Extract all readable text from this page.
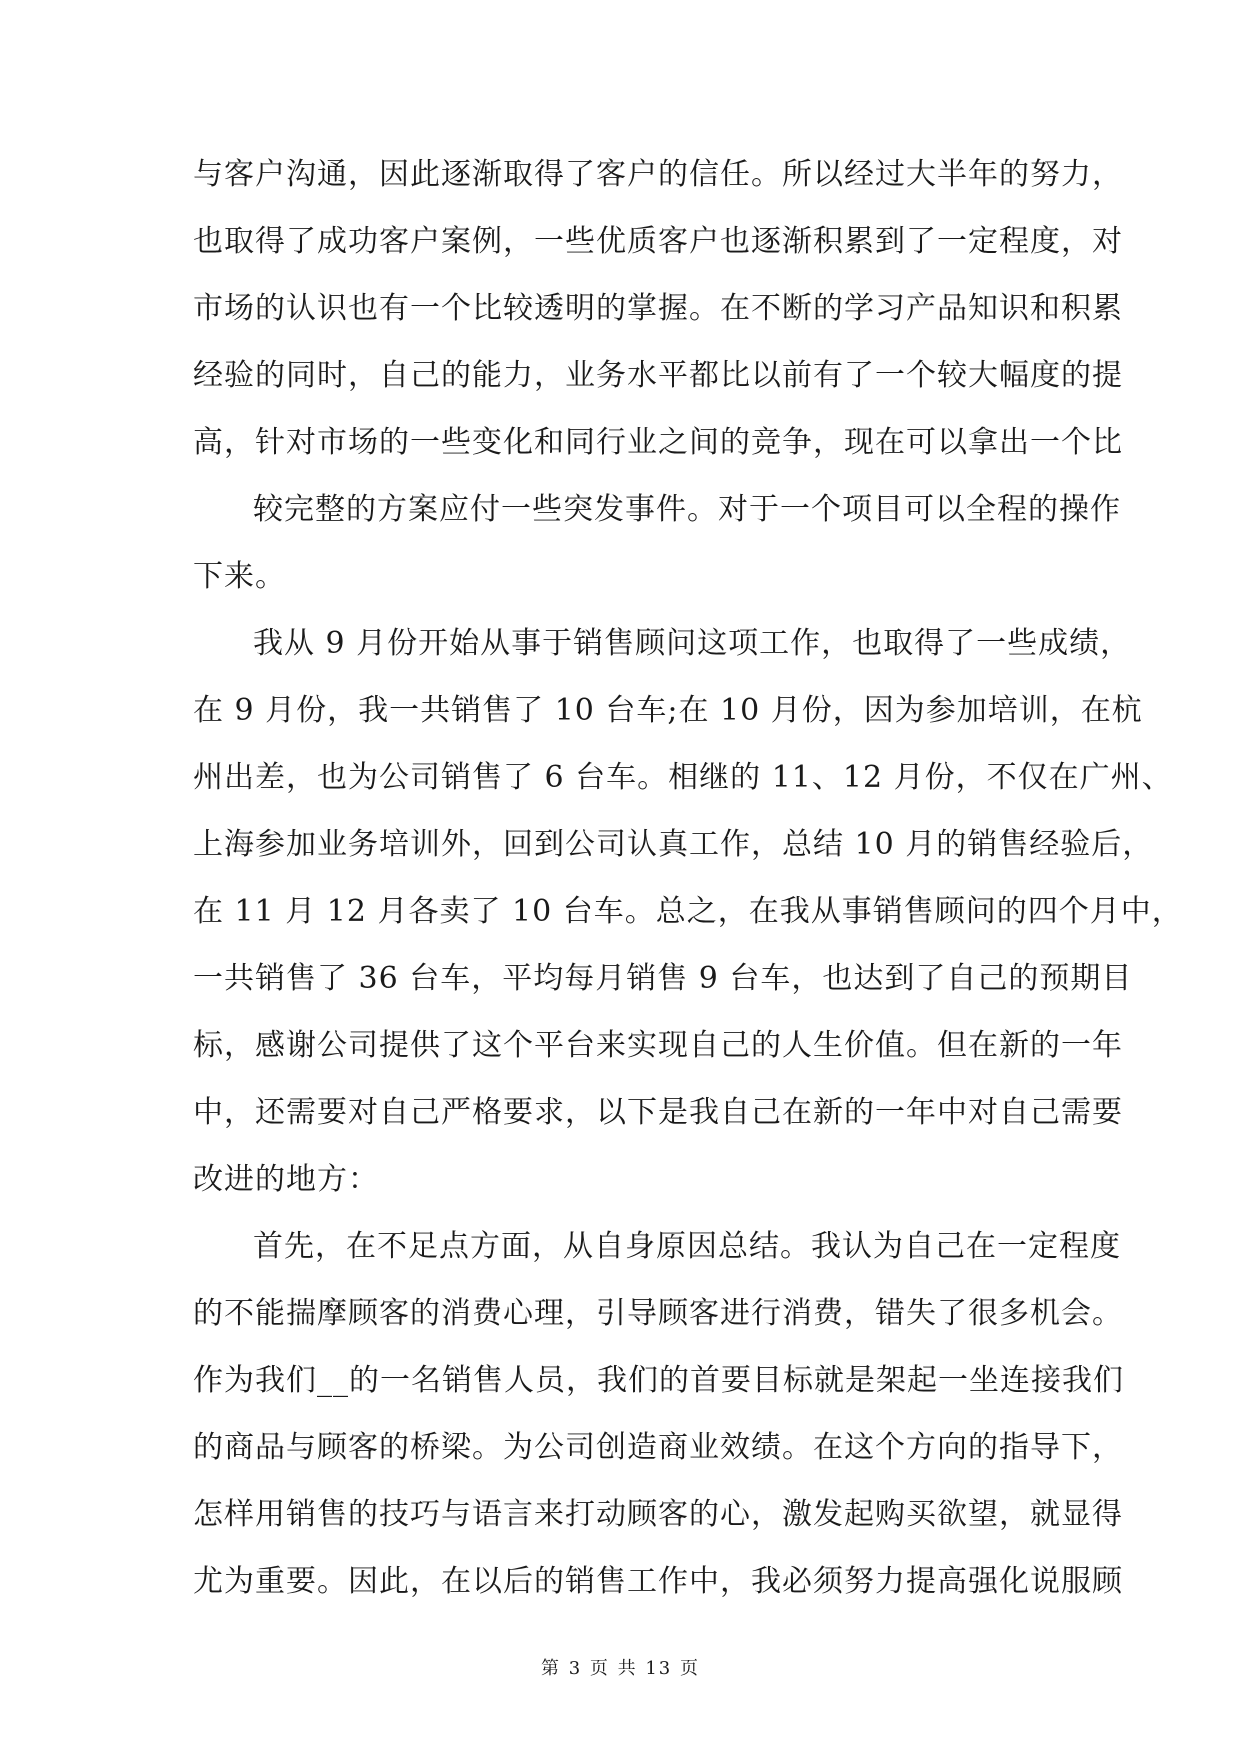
与客户沟通，因此逐渐取得了客户的信任。所以经过大半年的努力，
也取得了成功客户案例，一些优质客户也逐渐积累到了一定程度，对
市场的认识也有一个比较透明的掌握。在不断的学习产品知识和积累
经验的同时，自己的能力，业务水平都比以前有了一个较大幅度的提
高，针对市场的一些变化和同行业之间的竞争，现在可以拿出一个比
较完整的方案应付一些突发事件。对于一个项目可以全程的操作
下来。
我从 9 月份开始从事于销售顾问这项工作，也取得了一些成绩，
在 9 月份，我一共销售了 10 台车;在 10 月份，因为参加培训，在杭
州出差，也为公司销售了 6 台车。相继的 11、12 月份，不仅在广州、
上海参加业务培训外，回到公司认真工作，总结 10 月的销售经验后，
在 11 月 12 月各卖了 10 台车。总之，在我从事销售顾问的四个月中，
一共销售了 36 台车，平均每月销售 9 台车，也达到了自己的预期目
标，感谢公司提供了这个平台来实现自己的人生价值。但在新的一年
中，还需要对自己严格要求，以下是我自己在新的一年中对自己需要
改进的地方：
首先，在不足点方面，从自身原因总结。我认为自己在一定程度
的不能揣摩顾客的消费心理，引导顾客进行消费，错失了很多机会。
作为我们__的一名销售人员，我们的首要目标就是架起一坐连接我们
的商品与顾客的桥梁。为公司创造商业效绩。在这个方向的指导下，
怎样用销售的技巧与语言来打动顾客的心，激发起购买欲望，就显得
尤为重要。因此，在以后的销售工作中，我必须努力提高强化说服顾
第 3 页 共 13 页
